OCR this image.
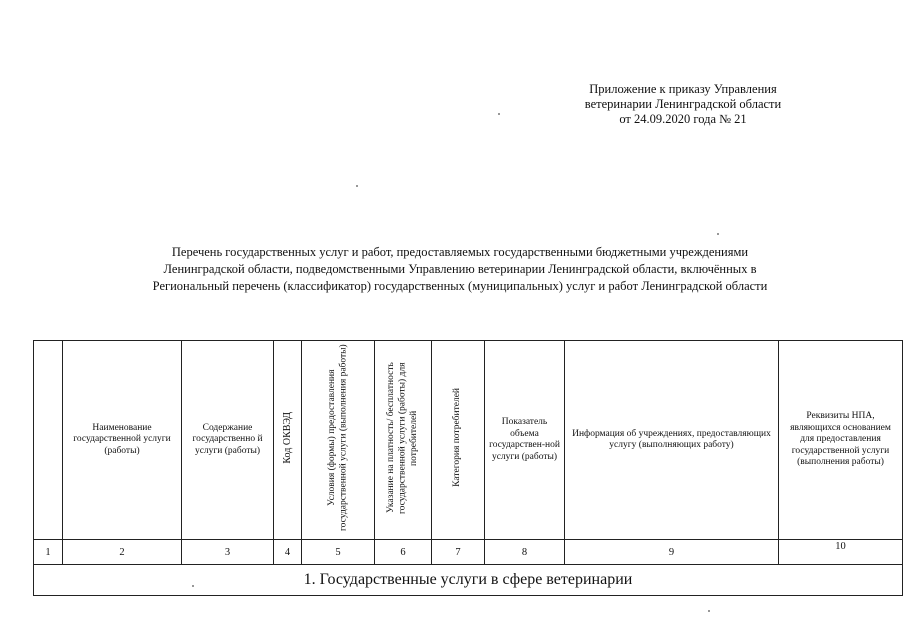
Приложение к приказу Управления
ветеринарии Ленинградской области
от 24.09.2020 года № 21
Перечень государственных услуг и работ, предоставляемых государственными бюджетными учреждениями
Ленинградской области, подведомственными Управлению ветеринарии Ленинградской области, включённых в
Региональный перечень (классификатор) государственных (муниципальных) услуг и работ Ленинградской области

	Наименование государственной услуги (работы)	Содержание государственно й услуги (работы)	Код ОКВЭД	Условия (формы) предоставления государственной услуги (выполнения работы)	Указание на платность/ бесплатность государственной услуги (работы) для потребителей	Категория потребителей	Показатель объема государствен-ной услуги (работы)	Информация об учреждениях, предоставляющих услугу (выполняющих работу)	Реквизиты НПА, являющихся основанием для предоставления государственной услуги (выполнения работы)

1	2	3	4	5	6	7	8	9	10
1. Государственные услуги в сфере ветеринарии									
